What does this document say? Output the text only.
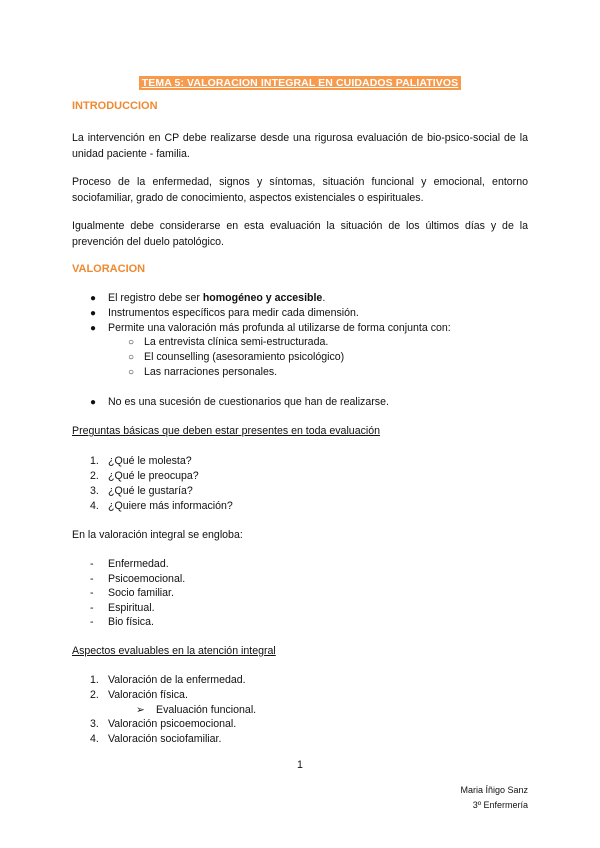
TEMA 5: VALORACION INTEGRAL EN CUIDADOS PALIATIVOS
INTRODUCCION
La intervención en CP debe realizarse desde una rigurosa evaluación de bio-psico-social de la unidad paciente - familia.
Proceso de la enfermedad, signos y síntomas, situación funcional y emocional, entorno sociofamiliar, grado de conocimiento, aspectos existenciales o espirituales.
Igualmente debe considerarse en esta evaluación la situación de los últimos días y de la prevención del duelo patológico.
VALORACION
● El registro debe ser homogéneo y accesible.
● Instrumentos específicos para medir cada dimensión.
● Permite una valoración más profunda al utilizarse de forma conjunta con:
○ La entrevista clínica semi-estructurada.
○ El counselling (asesoramiento psicológico)
○ Las narraciones personales.
● No es una sucesión de cuestionarios que han de realizarse.
Preguntas básicas que deben estar presentes en toda evaluación
1. ¿Qué le molesta?
2. ¿Qué le preocupa?
3. ¿Qué le gustaría?
4. ¿Quiere más información?
En la valoración integral se engloba:
- Enfermedad.
- Psicoemocional.
- Socio familiar.
- Espiritual.
- Bio física.
Aspectos evaluables en la atención integral
1. Valoración de la enfermedad.
2. Valoración física.
➢ Evaluación funcional.
3. Valoración psicoemocional.
4. Valoración sociofamiliar.
1
Maria Íñigo Sanz
3º Enfermería
